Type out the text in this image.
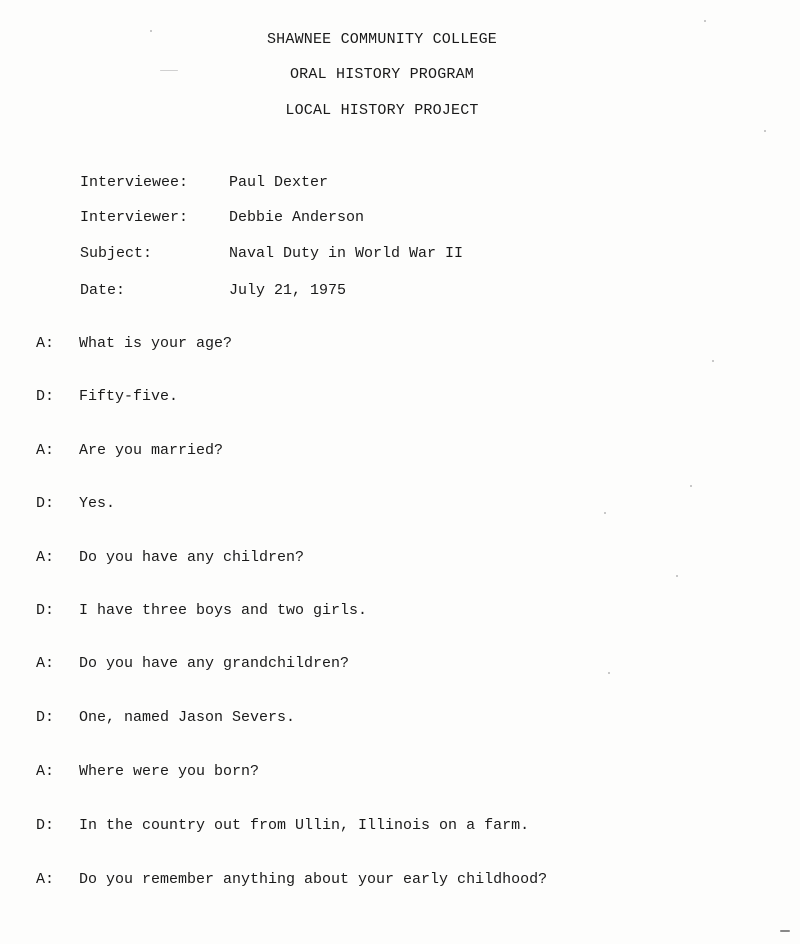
SHAWNEE COMMUNITY COLLEGE
ORAL HISTORY PROGRAM
LOCAL HISTORY PROJECT
Interviewee:	Paul Dexter
Interviewer:	Debbie Anderson
Subject:	Naval Duty in World War II
Date:	July 21, 1975
A: What is your age?
D: Fifty-five.
A: Are you married?
D: Yes.
A: Do you have any children?
D: I have three boys and two girls.
A: Do you have any grandchildren?
D: One, named Jason Severs.
A: Where were you born?
D: In the country out from Ullin, Illinois on a farm.
A: Do you remember anything about your early childhood?
